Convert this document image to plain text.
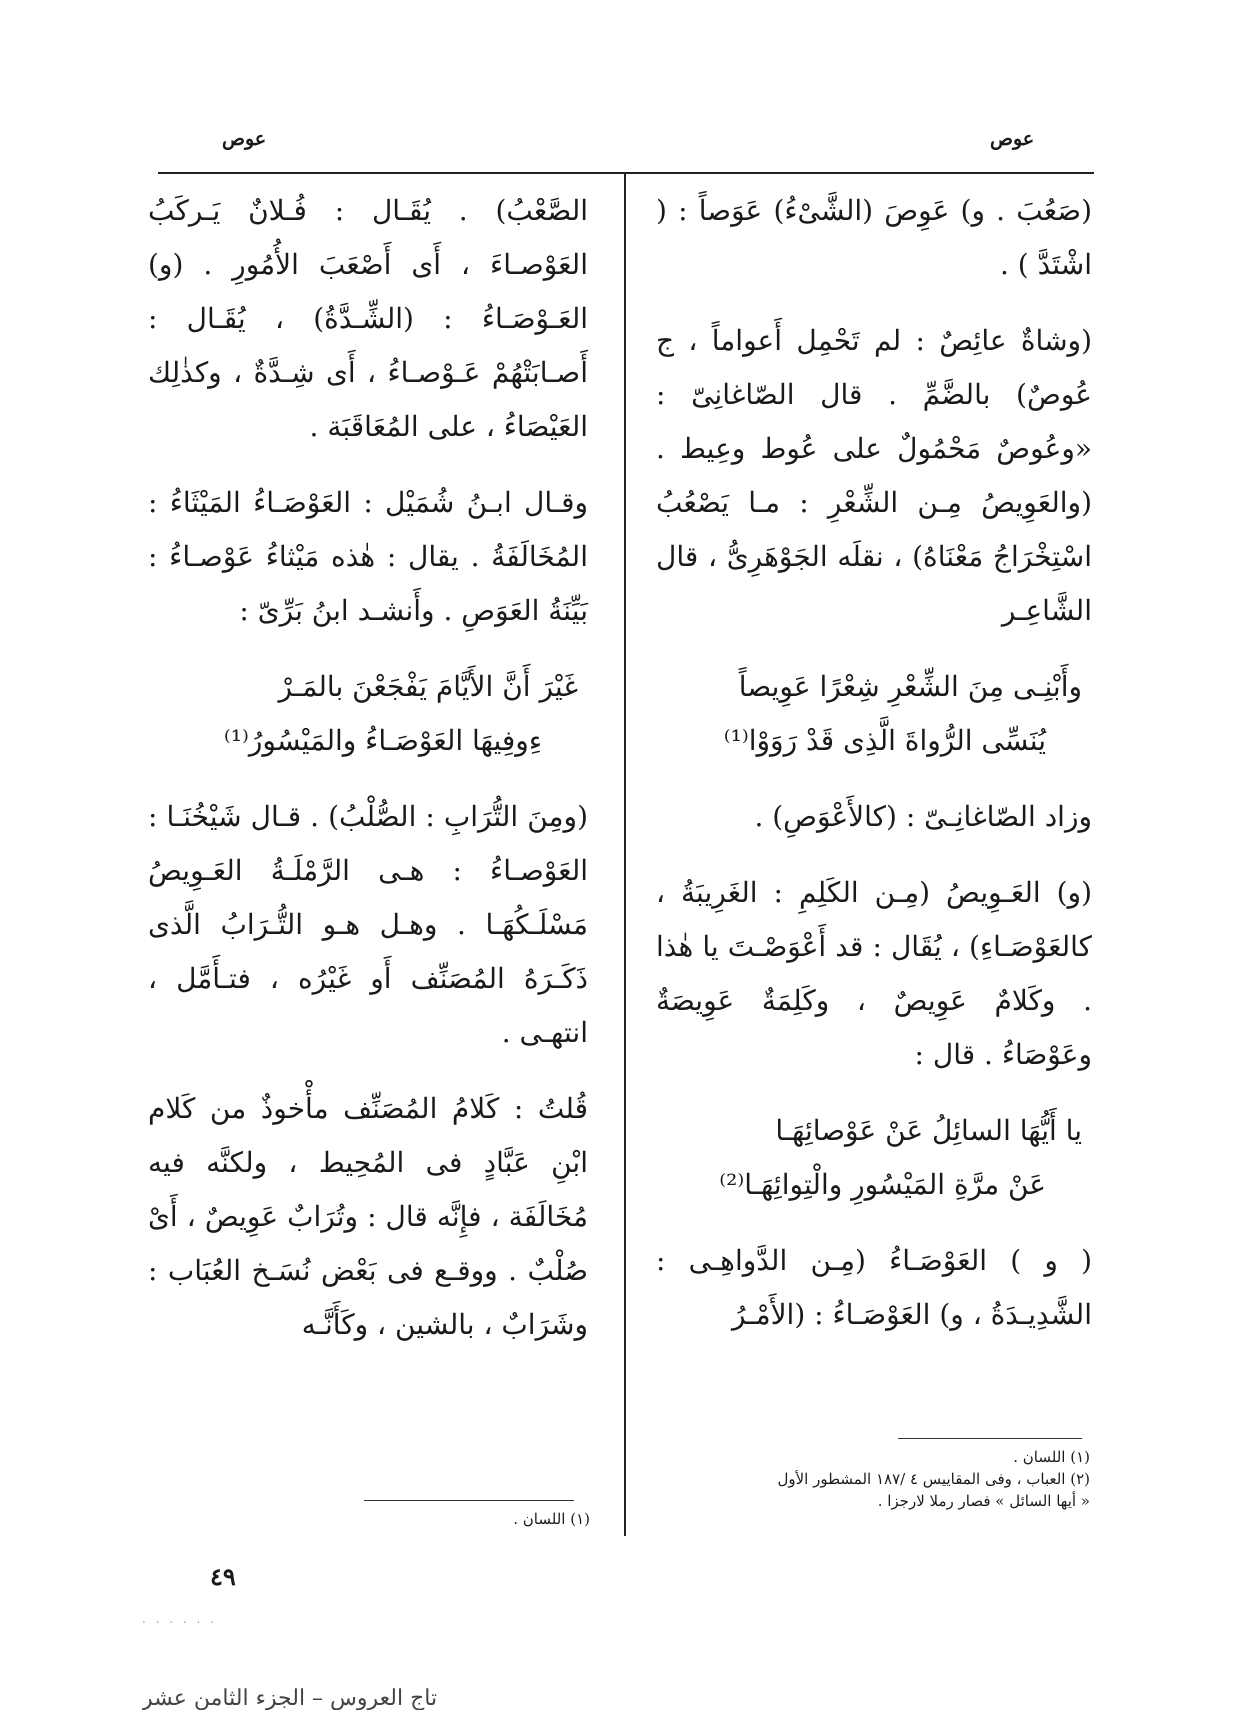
عوص
عوص

(صَعُبَ . و) عَوِصَ (الشَّىْءُ) عَوَصاً : ( اشْتَدَّ ) .

(وشاةٌ عائِصٌ : لم تَحْمِل أَعواماً ، ج عُوصٌ) بالضَّمِّ . قال الصّاغانِىّ : «وعُوصٌ مَحْمُولٌ على عُوط وعِيط . (والعَوِيصُ مِـن الشِّعْرِ : مـا يَصْعُبُ اسْتِخْرَاجُ مَعْنَاهُ) ، نقلَه الجَوْهَرِىُّ ، قال الشَّاعِـر

وأَبْنِـى مِنَ الشِّعْرِ شِعْرًا عَوِيصاً

يُنَسِّى الرُّواةَ الَّذِى قَدْ رَوَوْا⁽¹⁾

وزاد الصّاغانِـىّ : (كالأَعْوَصِ) .

(و) العَـوِيصُ (مِـن الكَلِمِ : الغَرِيبَةُ ، كالعَوْصَـاءِ) ، يُقَال : قد أَعْوَصْـتَ يا هٰذا . وكَلامٌ عَوِيصٌ ، وكَلِمَةٌ عَوِيصَةٌ وعَوْصَاءُ . قال :

يا أَيُّهَا السائِلُ عَنْ عَوْصائِهَـا

عَنْ مرَّةِ المَيْسُورِ والْتِوائِهَـا⁽²⁾

( و ) العَوْصَـاءُ (مِـن الدَّواهِـى : الشَّدِيـدَةُ ، و) العَوْصَـاءُ : (الأَمْـرُ

الصَّعْبُ) . يُقَـال : فُـلانٌ يَـركَبُ العَوْصـاءَ ، أَى أَصْعَبَ الأُمُورِ . (و) العَـوْصَـاءُ : (الشِّـدَّةُ) ، يُقَـال : أَصـابَتْهُمْ عَـوْصـاءُ ، أَى شِـدَّةٌ ، وكذٰلِك العَيْصَاءُ ، على المُعَاقَبَة .

وقـال ابـنُ شُمَيْل : العَوْصَـاءُ المَيْثَاءُ : المُخَالَفَةُ . يقال : هٰذه مَيْثاءُ عَوْصـاءُ : بَيِّنَةُ العَوَصِ . وأَنشـد ابنُ بَرِّىّ :

غَيْرَ أَنَّ الأَيَّامَ يَفْجَعْنَ بالمَـرْ

ءِوفِيهَا العَوْصَـاءُ والمَيْسُورُ⁽¹⁾

(ومِنَ التُّرَابِ : الصُّلْبُ) . قـال شَيْخُنَـا : العَوْصـاءُ : هـى الرَّمْلَـةُ العَـوِيصُ مَسْلَـكُهَـا . وهـل هـو التُّـرَابُ الَّذى ذَكَـرَهُ المُصَنِّف أَو غَيْرُه ، فتـأَمَّل ، انتهـى .

قُلتُ : كَلامُ المُصَنِّف مأْخوذٌ من كَلام ابْنِ عَبَّادٍ فى المُحِيط ، ولكنَّه فيه مُخَالَفَة ، فإِنَّه قال : وتُرَابٌ عَوِيصٌ ، أَىْ صُلْبٌ . ووقـع فى بَعْض نُسَـخ العُبَاب : وشَرَابٌ ، بالشين ، وكَأَنَّـه

(١) اللسان .

(٢) العباب ، وفى المقاييس ٤ /١٨٧ المشطور الأول

« أيها السائل » فصار رملا لارجزا .

(١) اللسان .

٤٩
. . . . . .
تاج العروس – الجزء الثامن عشر
